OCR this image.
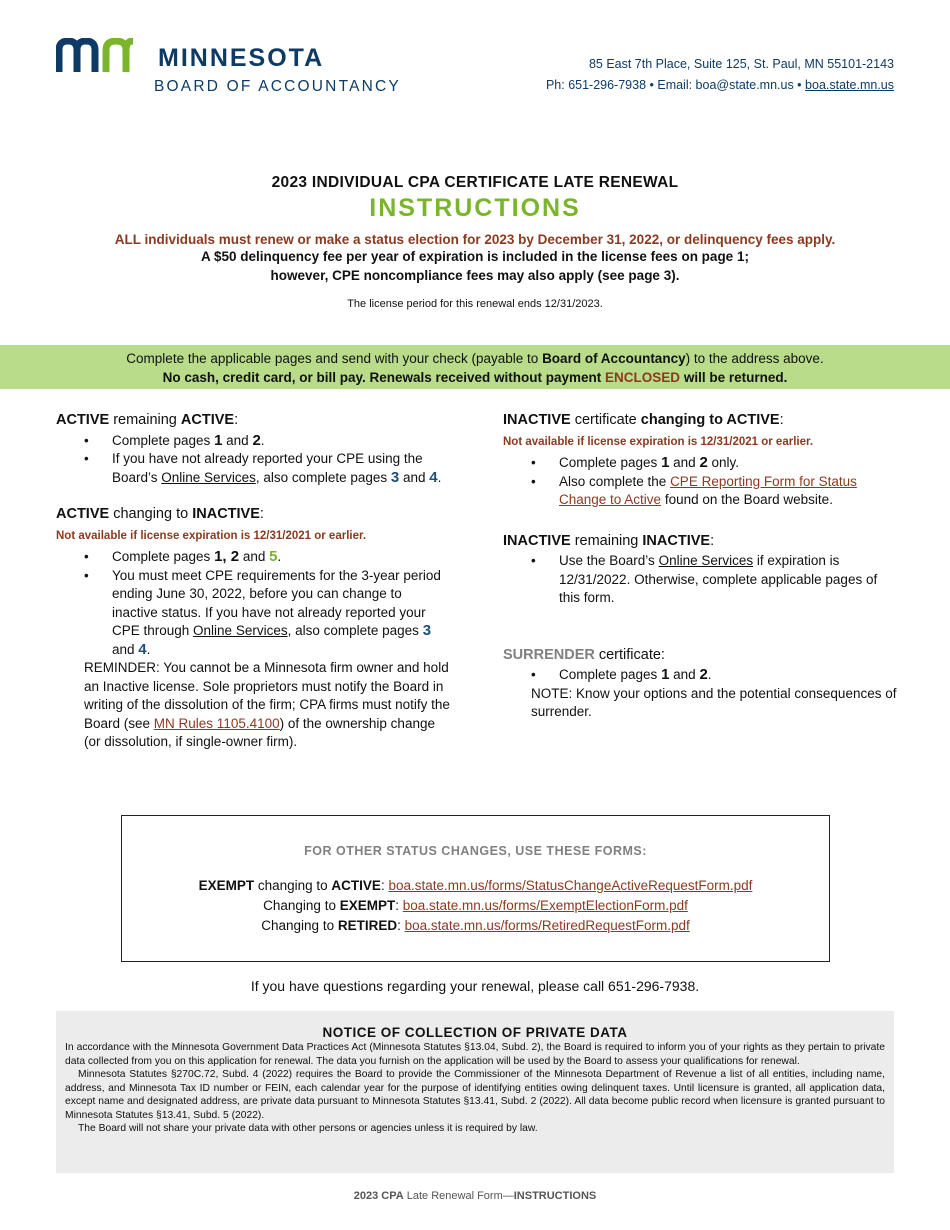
MINNESOTA
BOARD OF ACCOUNTANCY
85 East 7th Place, Suite 125, St. Paul, MN 55101-2143
Ph: 651-296-7938 • Email: boa@state.mn.us • boa.state.mn.us
2023 INDIVIDUAL CPA CERTIFICATE LATE RENEWAL
INSTRUCTIONS
ALL individuals must renew or make a status election for 2023 by December 31, 2022, or delinquency fees apply.
A $50 delinquency fee per year of expiration is included in the license fees on page 1;
however, CPE noncompliance fees may also apply (see page 3).
The license period for this renewal ends 12/31/2023.
Complete the applicable pages and send with your check (payable to Board of Accountancy) to the address above.
No cash, credit card, or bill pay. Renewals received without payment ENCLOSED will be returned.
ACTIVE remaining ACTIVE:
• Complete pages 1 and 2.
• If you have not already reported your CPE using the Board’s Online Services, also complete pages 3 and 4.
ACTIVE changing to INACTIVE:
Not available if license expiration is 12/31/2021 or earlier.
• Complete pages 1, 2 and 5.
• You must meet CPE requirements for the 3-year period ending June 30, 2022, before you can change to inactive status. If you have not already reported your CPE through Online Services, also complete pages 3 and 4.
REMINDER: You cannot be a Minnesota firm owner and hold an Inactive license. Sole proprietors must notify the Board in writing of the dissolution of the firm; CPA firms must notify the Board (see MN Rules 1105.4100) of the ownership change (or dissolution, if single-owner firm).
INACTIVE certificate changing to ACTIVE:
Not available if license expiration is 12/31/2021 or earlier.
• Complete pages 1 and 2 only.
• Also complete the CPE Reporting Form for Status Change to Active found on the Board website.
INACTIVE remaining INACTIVE:
• Use the Board’s Online Services if expiration is 12/31/2022. Otherwise, complete applicable pages of this form.
SURRENDER certificate:
• Complete pages 1 and 2.
NOTE: Know your options and the potential consequences of surrender.
FOR OTHER STATUS CHANGES, USE THESE FORMS:
EXEMPT changing to ACTIVE: boa.state.mn.us/forms/StatusChangeActiveRequestForm.pdf
Changing to EXEMPT: boa.state.mn.us/forms/ExemptElectionForm.pdf
Changing to RETIRED: boa.state.mn.us/forms/RetiredRequestForm.pdf
If you have questions regarding your renewal, please call 651-296-7938.
NOTICE OF COLLECTION OF PRIVATE DATA

In accordance with the Minnesota Government Data Practices Act (Minnesota Statutes §13.04, Subd. 2), the Board is required to inform you of your rights as they pertain to private data collected from you on this application for renewal. The data you furnish on the application will be used by the Board to assess your qualifications for renewal.

Minnesota Statutes §270C.72, Subd. 4 (2022) requires the Board to provide the Commissioner of the Minnesota Department of Revenue a list of all entities, including name, address, and Minnesota Tax ID number or FEIN, each calendar year for the purpose of identifying entities owing delinquent taxes. Until licensure is granted, all application data, except name and designated address, are private data pursuant to Minnesota Statutes §13.41, Subd. 2 (2022). All data become public record when licensure is granted pursuant to Minnesota Statutes §13.41, Subd. 5 (2022).

The Board will not share your private data with other persons or agencies unless it is required by law.

2023 CPA Late Renewal Form—INSTRUCTIONS
